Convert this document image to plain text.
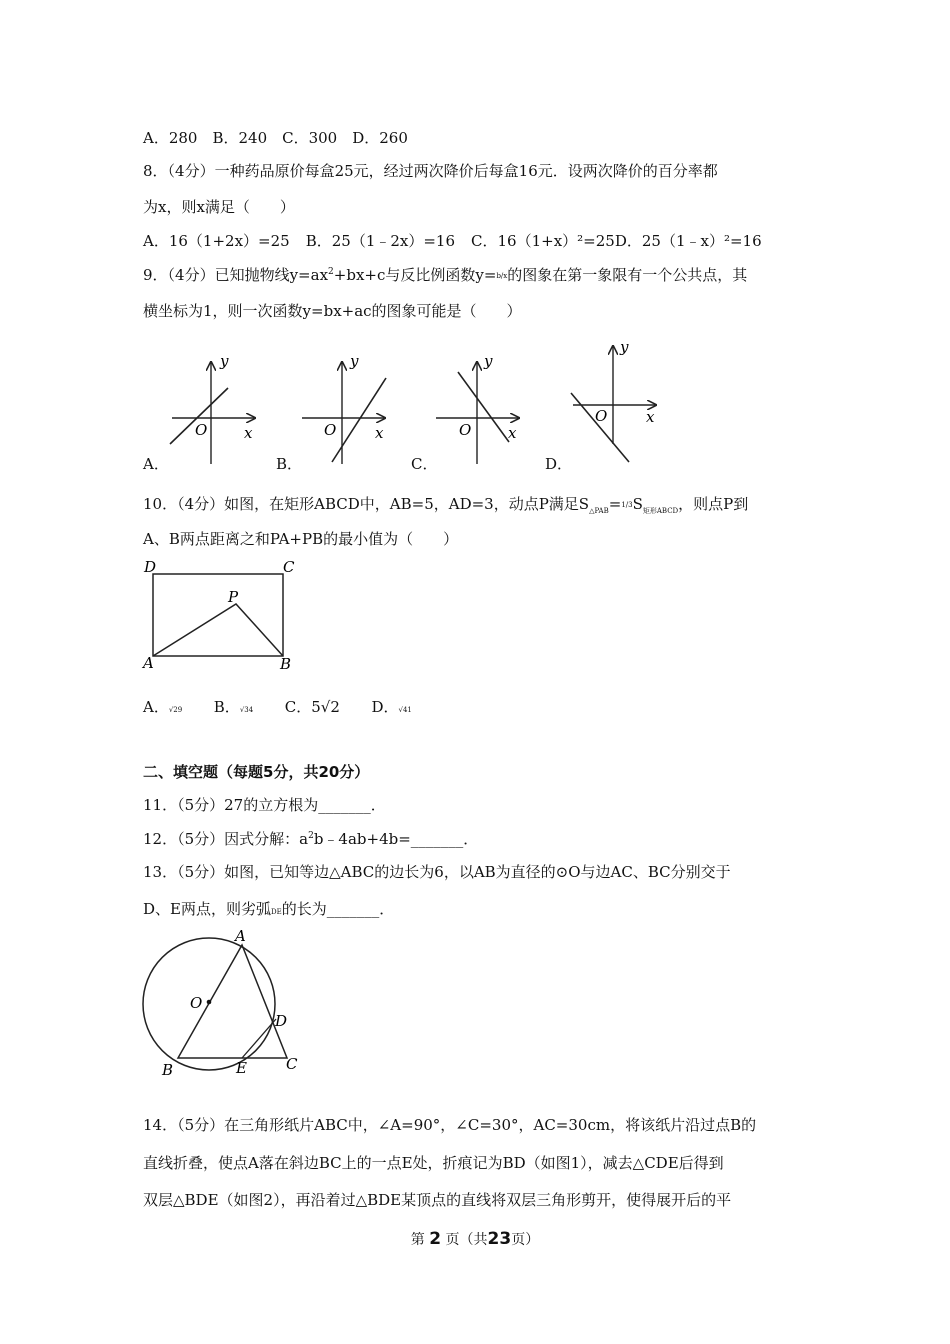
A．280　B．240　C．300　D．260
8．（4分）一种药品原价每盒25元，经过两次降价后每盒16元．设两次降价的百分率都
为x，则x满足（　　）
A．16（1+2x）=25 B．25（1﹣2x）=16 C．16（1+x）²=25D．25（1﹣x）²=16
9．（4分）已知抛物线$y=ax^2+bx+c$与反比例函数y=b/x的图象在第一象限有一个公共点，其
横坐标为1，则一次函数y=bx+ac的图象可能是（　　）
y
x
O
y
x
O
y
x
O
y
x
O
A．	B．	C．	D．
10．（4分）如图，在矩形ABCD中，AB=5，AD=3，动点P满足$S_{\triangle PAB}=1/3S_{矩形ABCD}$，则点P到
A、B两点距离之和PA+PB的最小值为（　　）
D	C
P
A	B
A．√29 B．√34 C．5√2 D．√41
二、填空题（每题5分，共20分）
11．（5分）27的立方根为_______．
12．（5分）因式分解：$a^2b﹣4ab+4b=\_\_\_\_\_\_\_$．
13．（5分）如图，已知等边△ABC的边长为6，以AB为直径的⊙O与边AC、BC分别交于
D、E两点，则劣弧DE的长为_______．
A
O
D
B	E	C
14．（5分）在三角形纸片ABC中，∠A=90°，∠C=30°，AC=30cm，将该纸片沿过点B的
直线折叠，使点A落在斜边BC上的一点E处，折痕记为BD（如图1），减去△CDE后得到
双层△BDE（如图2），再沿着过△BDE某顶点的直线将双层三角形剪开，使得展开后的平
第 2 页（共23页）
